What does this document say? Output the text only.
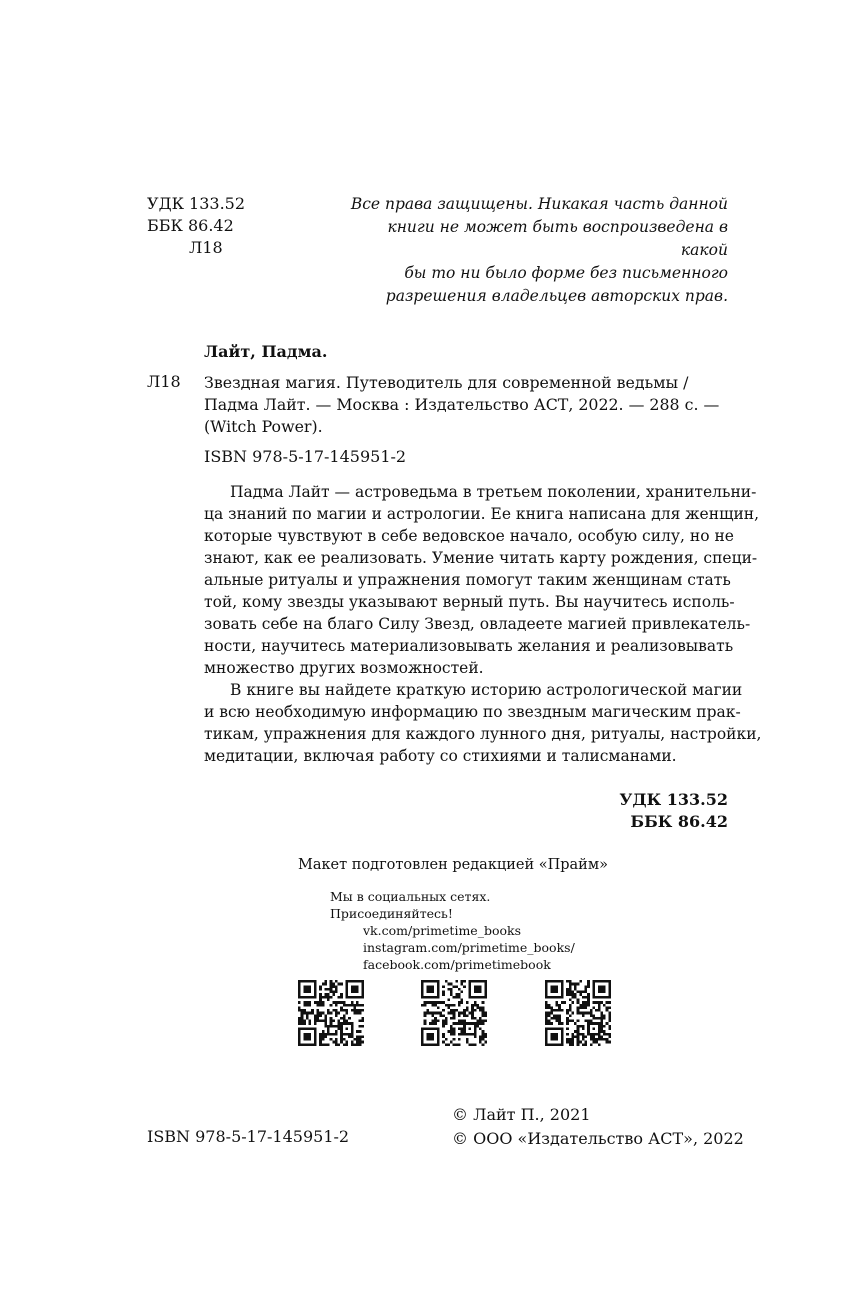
УДК 133.52
ББК 86.42
Л18
Все права защищены. Никакая часть данной
книги не может быть воспроизведена в какой
бы то ни было форме без письменного
разрешения владельцев авторских прав.
Лайт, Падма.
Л18 Звездная магия. Путеводитель для современной ведьмы /
Падма Лайт. — Москва : Издательство АСТ, 2022. — 288 с. —
(Witch Power).
ISBN 978-5-17-145951-2
Падма Лайт — астроведьма в третьем поколении, хранительни-
ца знаний по магии и астрологии. Ее книга написана для женщин,
которые чувствуют в себе ведовское начало, особую силу, но не
знают, как ее реализовать. Умение читать карту рождения, специ-
альные ритуалы и упражнения помогут таким женщинам стать
той, кому звезды указывают верный путь. Вы научитесь исполь-
зовать себе на благо Силу Звезд, овладеете магией привлекатель-
ности, научитесь материализовывать желания и реализовывать
множество других возможностей.
В книге вы найдете краткую историю астрологической магии
и всю необходимую информацию по звездным магическим прак-
тикам, упражнения для каждого лунного дня, ритуалы, настройки,
медитации, включая работу со стихиями и талисманами.
УДК 133.52
ББК 86.42
Макет подготовлен редакцией «Прайм»
Мы в социальных сетях.
Присоединяйтесь!
vk.com/primetime_books
instagram.com/primetime_books/
facebook.com/primetimebook
ISBN 978-5-17-145951-2
© Лайт П., 2021
© ООО «Издательство АСТ», 2022
